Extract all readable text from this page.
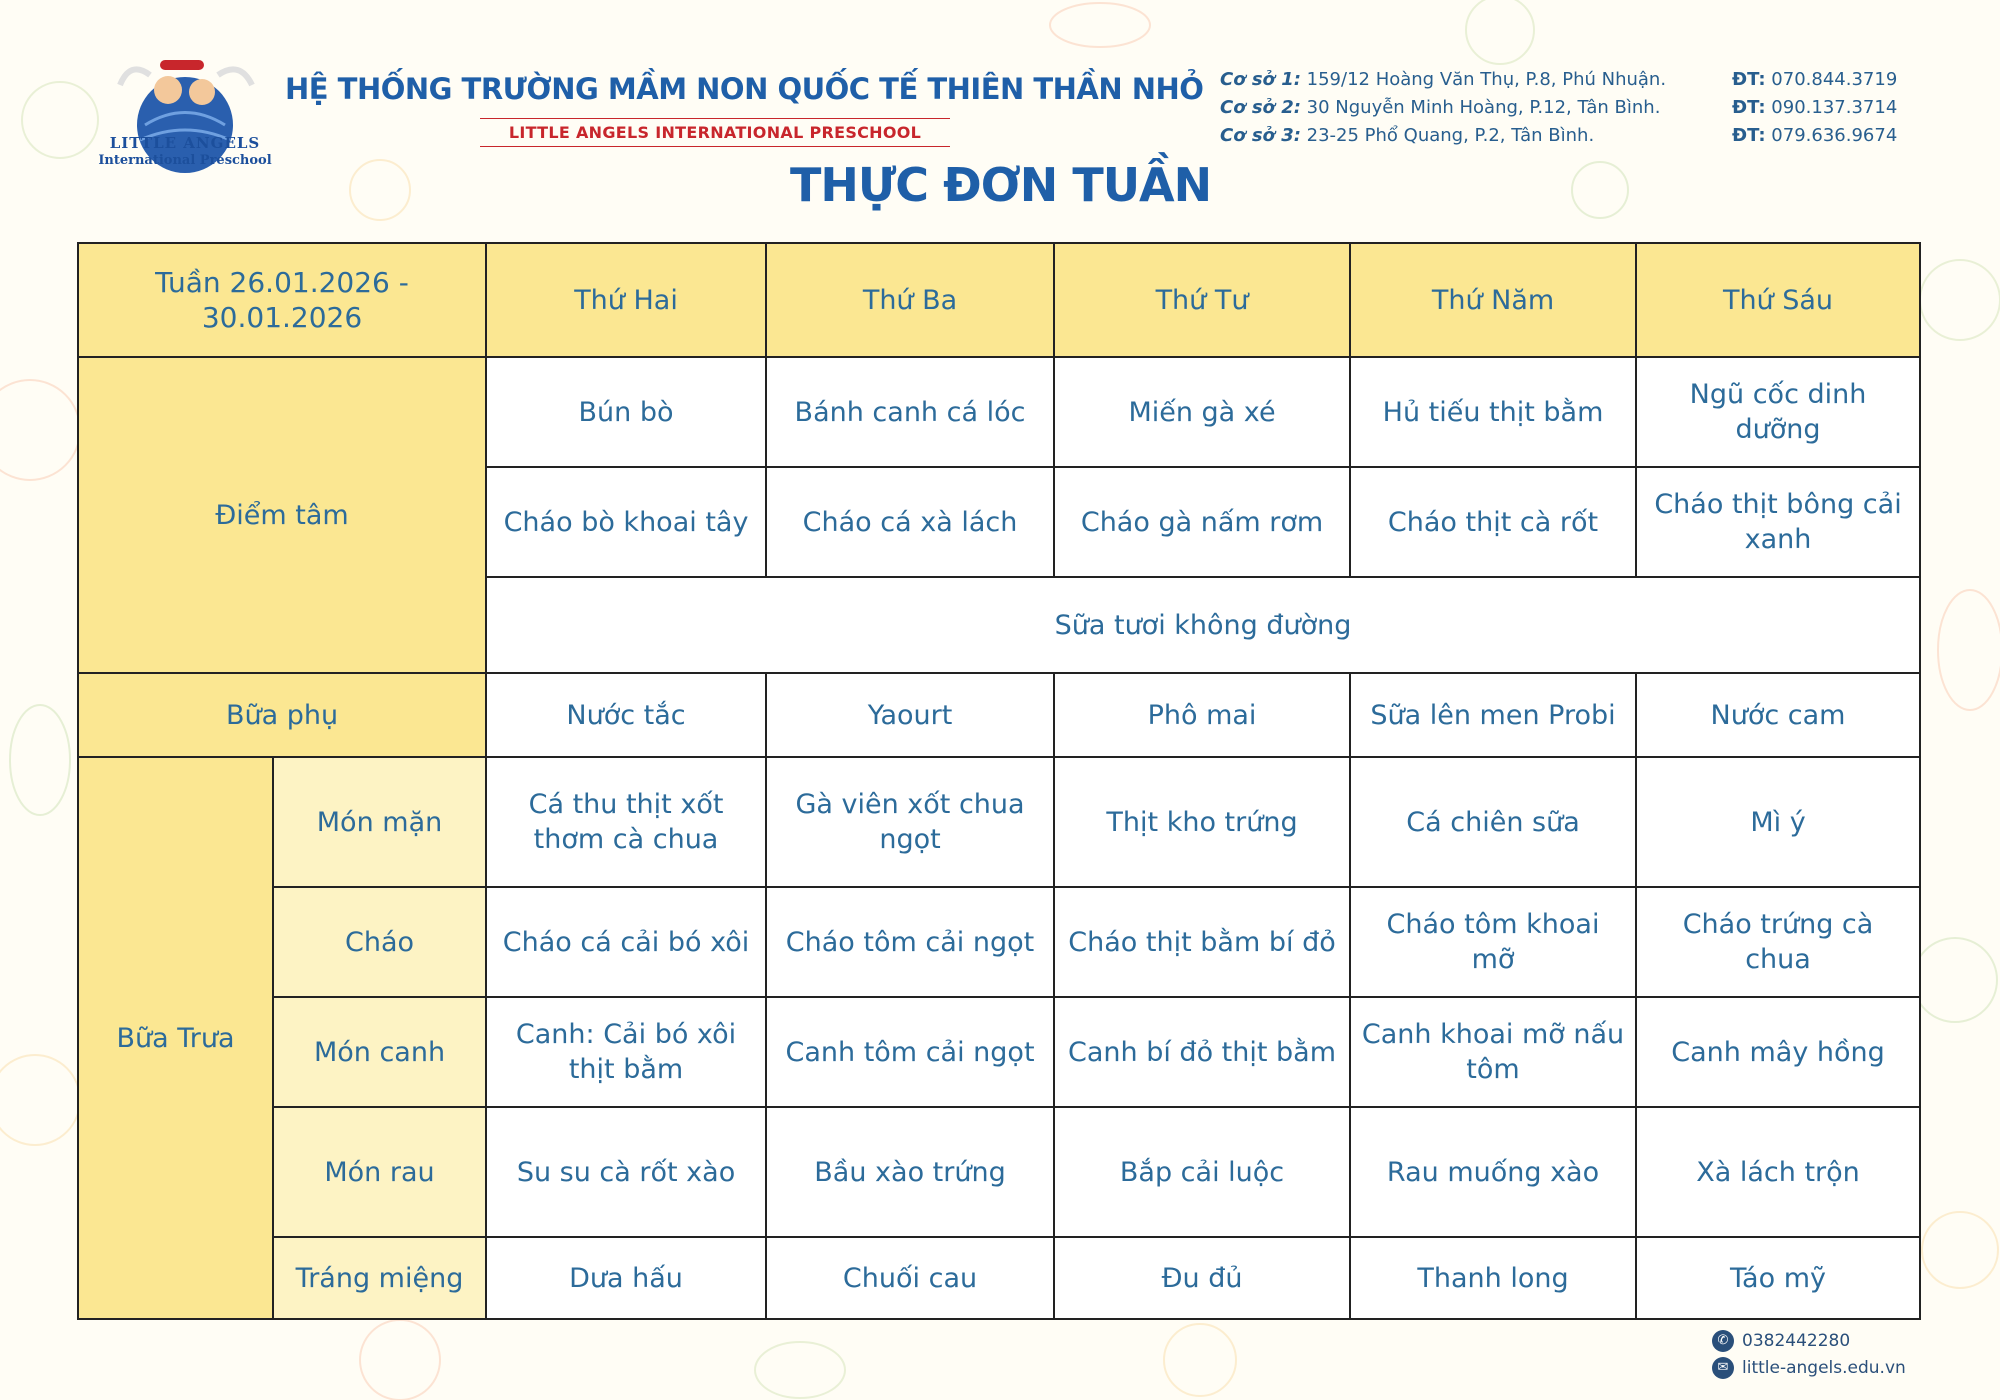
LITTLE ANGELS
International Preschool
HỆ THỐNG TRƯỜNG MẦM NON QUỐC TẾ THIÊN THẦN NHỎ
LITTLE ANGELS INTERNATIONAL PRESCHOOL
Cơ sở 1: 159/12 Hoàng Văn Thụ, P.8, Phú Nhuận.
Cơ sở 2: 30 Nguyễn Minh Hoàng, P.12, Tân Bình.
Cơ sở 3: 23-25 Phổ Quang, P.2, Tân Bình.
ĐT: 070.844.3719
ĐT: 090.137.3714
ĐT: 079.636.9674
THỰC ĐƠN TUẦN
Tuần 26.01.2026 - 30.01.2026		Thứ Hai	Thứ Ba	Thứ Tư	Thứ Năm	Thứ Sáu
Điểm tâm		Bún bò	Bánh canh cá lóc	Miến gà xé	Hủ tiếu thịt bằm	Ngũ cốc dinh dưỡng
		Cháo bò khoai tây	Cháo cá xà lách	Cháo gà nấm rơm	Cháo thịt cà rốt	Cháo thịt bông cải xanh
		Sữa tươi không đường				
Bữa phụ		Nước tắc	Yaourt	Phô mai	Sữa lên men Probi	Nước cam
Bữa Trưa	Món mặn	Cá thu thịt xốt thơm cà chua	Gà viên xốt chua ngọt	Thịt kho trứng	Cá chiên sữa	Mì ý
	Cháo	Cháo cá cải bó xôi	Cháo tôm cải ngọt	Cháo thịt bằm bí đỏ	Cháo tôm khoai mỡ	Cháo trứng cà chua
	Món canh	Canh: Cải bó xôi thịt bằm	Canh tôm cải ngọt	Canh bí đỏ thịt bằm	Canh khoai mỡ nấu tôm	Canh mây hồng
	Món rau	Su su cà rốt xào	Bầu xào trứng	Bắp cải luộc	Rau muống xào	Xà lách trộn
	Tráng miệng	Dưa hấu	Chuối cau	Đu đủ	Thanh long	Táo mỹ
✆ 0382442280
✉ little-angels.edu.vn
